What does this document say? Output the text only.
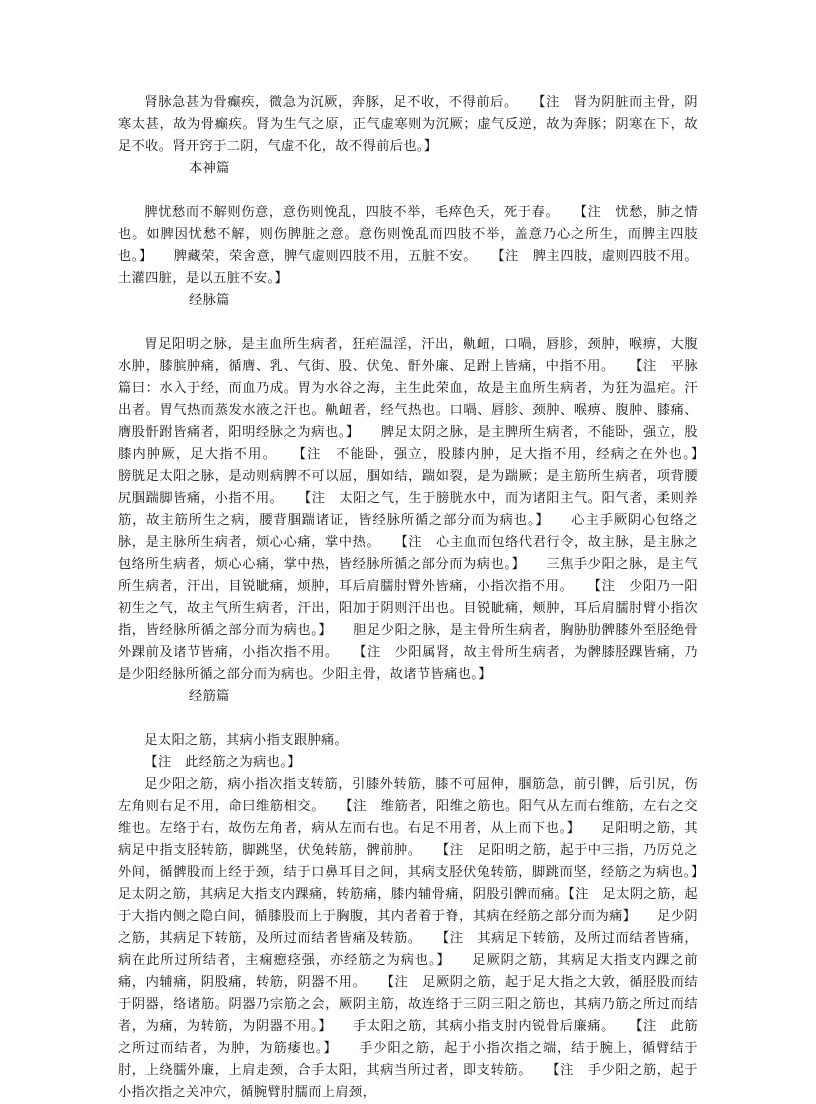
肾脉急甚为骨癫疾，微急为沉厥，奔豚，足不收，不得前后。　　【注　肾为阴脏而主骨，阴寒太甚，故为骨癫疾。肾为生气之原，正气虚寒则为沉厥；虚气反逆，故为奔豚；阴寒在下，故足不收。肾开窍于二阴，气虚不化，故不得前后也。】

本神篇

脾忧愁而不解则伤意，意伤则悗乱，四肢不举，毛瘁色夭，死于春。　　【注　忧愁，肺之情也。如脾因忧愁不解，则伤脾脏之意。意伤则悗乱而四肢不举，盖意乃心之所生，而脾主四肢也。】　　脾藏荣，荣舍意，脾气虚则四肢不用，五脏不安。　　【注　脾主四肢，虚则四肢不用。土灌四脏，是以五脏不安。】

经脉篇

胃足阳明之脉，是主血所生病者，狂疟温淫，汗出，鼽衄，口喎，唇胗，颈肿，喉痹，大腹水肿，膝膑肿痛，循膺、乳、气街、股、伏兔、骭外廉、足跗上皆痛，中指不用。　　【注　平脉篇曰：水入于经，而血乃成。胃为水谷之海，主生此荣血，故是主血所生病者，为狂为温疟。汗出者。胃气热而蒸发水液之汗也。鼽衄者，经气热也。口喎、唇胗、颈肿、喉痹、腹肿、膝痛、膺股骭跗皆痛者，阳明经脉之为病也。】　　脾足太阴之脉，是主脾所生病者，不能卧，强立，股膝内肿厥，足大指不用。　　【注　不能卧，强立，股膝内肿，足大指不用，经病之在外也。】　　膀胱足太阳之脉，是动则病脾不可以屈，腘如结，踹如裂，是为踹厥；是主筋所生病者，项背腰尻腘踹脚皆痛，小指不用。　　【注　太阳之气，生于膀胱水中，而为诸阳主气。阳气者，柔则养筋，故主筋所生之病，腰背腘踹诸证，皆经脉所循之部分而为病也。】　　心主手厥阴心包络之脉，是主脉所生病者，烦心心痛，掌中热。　　【注　心主血而包络代君行令，故主脉，是主脉之包络所生病者，烦心心痛，掌中热，皆经脉所循之部分而为病也。】　　三焦手少阳之脉，是主气所生病者，汗出，目锐眦痛，烦肿，耳后肩臑肘臂外皆痛，小指次指不用。　　【注　少阳乃一阳初生之气，故主气所生病者，汗出，阳加于阴则汗出也。目锐眦痛，颊肿，耳后肩臑肘臂小指次指，皆经脉所循之部分而为病也。】　　胆足少阳之脉，是主骨所生病者，胸胁肋髀膝外至胫绝骨外踝前及诸节皆痛，小指次指不用。　　【注　少阳属肾，故主骨所生病者，为髀膝胫踝皆痛，乃是少阳经脉所循之部分而为病也。少阳主骨，故诸节皆痛也。】

经筋篇

足太阳之筋，其病小指支跟肿痛。

【注　此经筋之为病也。】

足少阳之筋，病小指次指支转筋，引膝外转筋，膝不可屈伸，腘筋急，前引髀，后引尻，伤左角则右足不用，命曰维筋相交。　　【注　维筋者，阳维之筋也。阳气从左而右维筋，左右之交维也。左络于右，故伤左角者，病从左而右也。右足不用者，从上而下也。】　　足阳明之筋，其病足中指支胫转筋，脚跳坚，伏兔转筋，髀前肿。　　【注　足阳明之筋，起于中三指，乃厉兑之外间，循髀股而上经于颈，结于口鼻耳目之间，其病支胫伏兔转筋，脚跳而坚，经筋之为病也。】　　足太阴之筋，其病足大指支内踝痛，转筋痛，膝内辅骨痛，阴股引髀而痛。【注　足太阴之筋，起于大指内侧之隐白间，循膝股而上于胸腹，其内者着于脊，其病在经筋之部分而为痛】　　足少阴之筋，其病足下转筋，及所过而结者皆痛及转筋。　　【注　其病足下转筋，及所过而结者皆痛，病在此所过所结者，主痫瘛痉强，亦经筋之为病也。】　　足厥阴之筋，其病足大指支内踝之前痛，内辅痛，阴股痛，转筋，阴器不用。　　【注　足厥阴之筋，起于足大指之大敦，循胫股而结于阴器，络诸筋。阴器乃宗筋之会，厥阴主筋，故连络于三阴三阳之筋也，其病乃筋之所过而结者，为痛，为转筋，为阴器不用。】　　手太阳之筋，其病小指支肘内锐骨后廉痛。　　【注　此筋之所过而结者，为肿，为筋痿也。】　　手少阳之筋，起于小指次指之端，结于腕上，循臂结于肘，上绕臑外廉，上肩走颈，合手太阳，其病当所过者，即支转筋。　　【注　手少阳之筋，起于小指次指之关冲穴，循腕臂肘臑而上肩颈，
